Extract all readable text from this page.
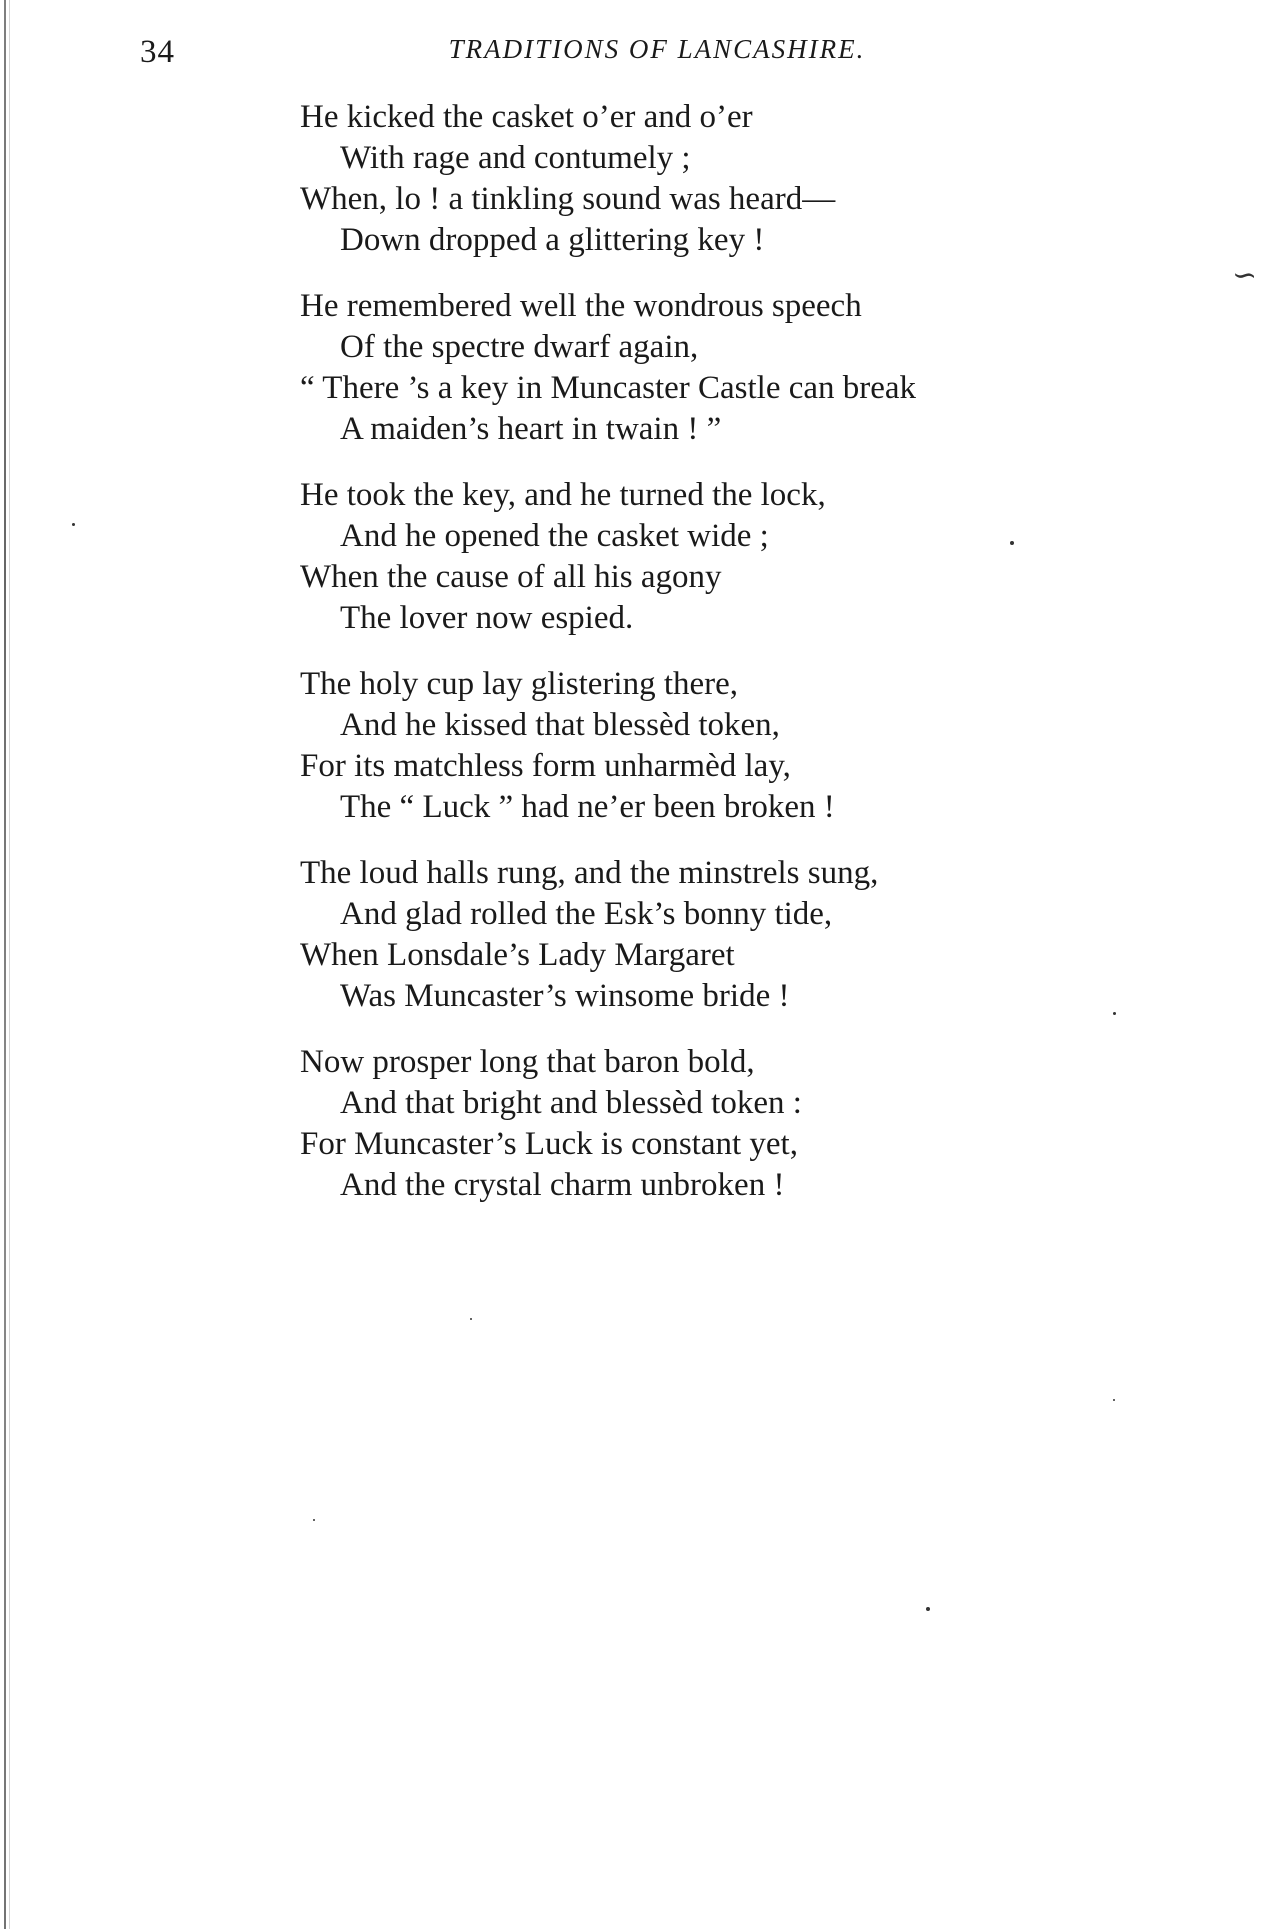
34	TRADITIONS OF LANCASHIRE.
He kicked the casket o’er and o’er
With rage and contumely ;
When, lo ! a tinkling sound was heard—
Down dropped a glittering key !
He remembered well the wondrous speech
Of the spectre dwarf again,
“ There ’s a key in Muncaster Castle can break
A maiden’s heart in twain ! ”
He took the key, and he turned the lock,
And he opened the casket wide ;
When the cause of all his agony
The lover now espied.
The holy cup lay glistering there,
And he kissed that blessèd token,
For its matchless form unharmèd lay,
The “ Luck ” had ne’er been broken !
The loud halls rung, and the minstrels sung,
And glad rolled the Esk’s bonny tide,
When Lonsdale’s Lady Margaret
Was Muncaster’s winsome bride !
Now prosper long that baron bold,
And that bright and blessèd token :
For Muncaster’s Luck is constant yet,
And the crystal charm unbroken !
∽
